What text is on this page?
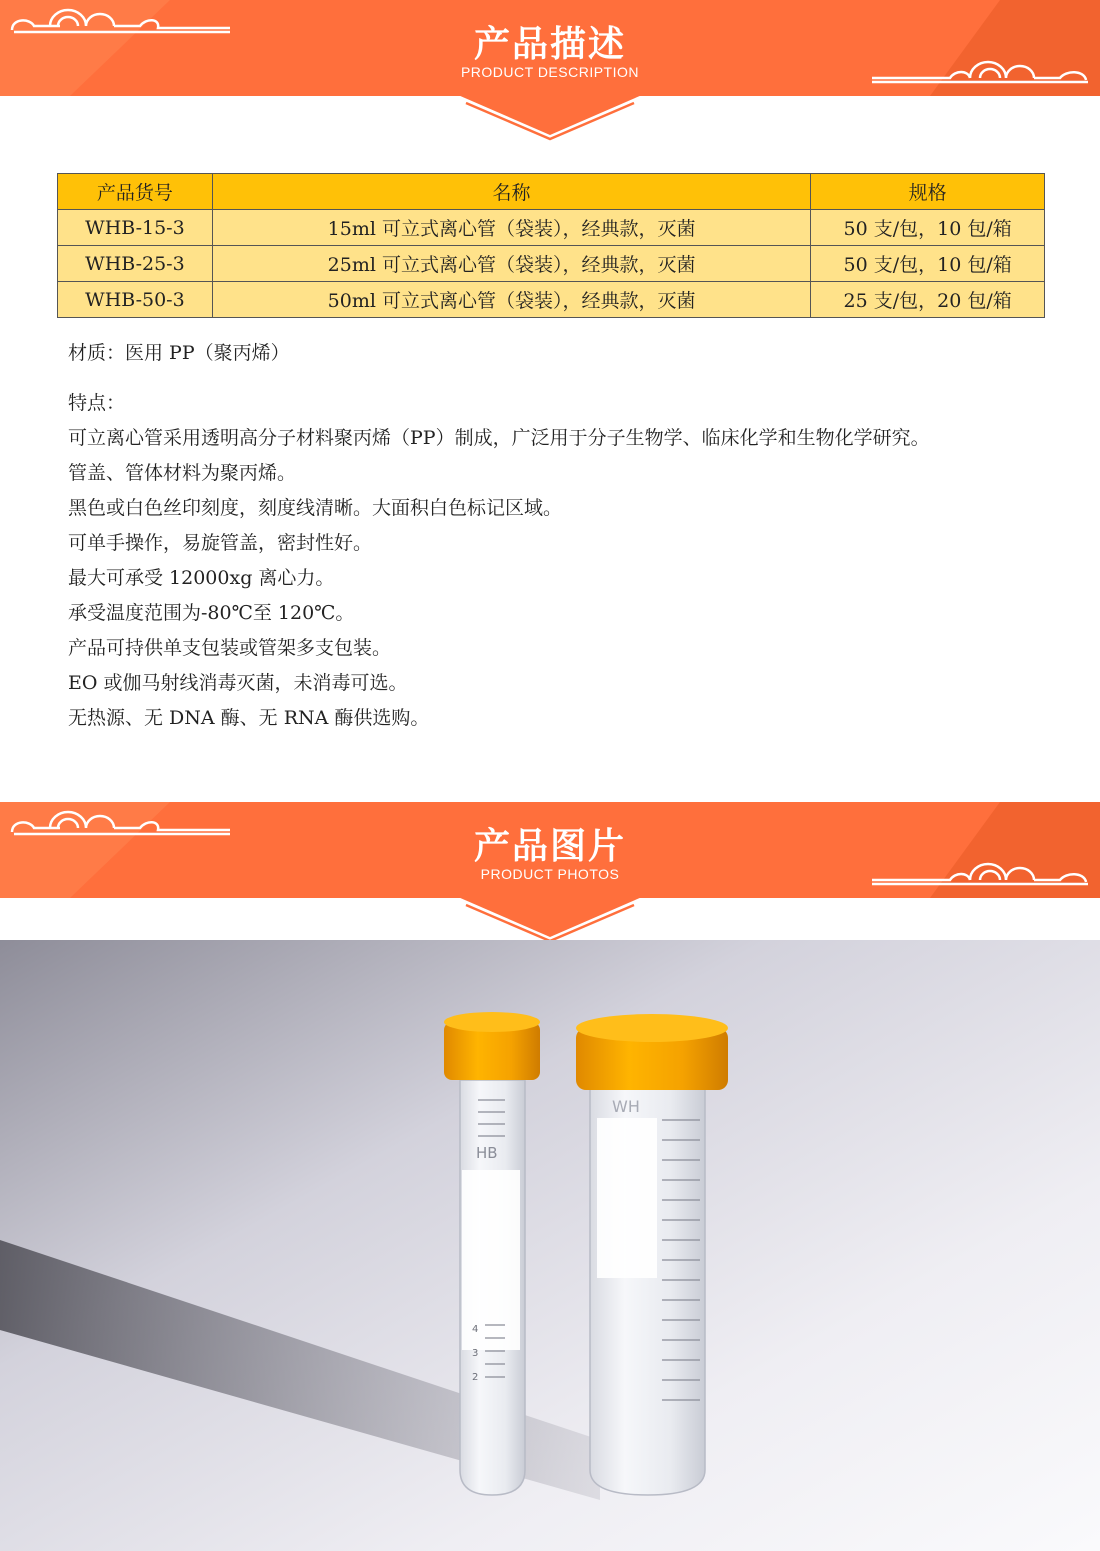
产品描述
PRODUCT DESCRIPTION
产品货号	名称	规格
WHB-15-3	15ml 可立式离心管（袋装），经典款，灭菌	50 支/包，10 包/箱
WHB-25-3	25ml 可立式离心管（袋装），经典款，灭菌	50 支/包，10 包/箱
WHB-50-3	50ml 可立式离心管（袋装），经典款，灭菌	25 支/包，20 包/箱
材质：医用 PP（聚丙烯）
特点：
可立离心管采用透明高分子材料聚丙烯（PP）制成，广泛用于分子生物学、临床化学和生物化学研究。
管盖、管体材料为聚丙烯。
黑色或白色丝印刻度，刻度线清晰。大面积白色标记区域。
可单手操作，易旋管盖，密封性好。
最大可承受 12000xg 离心力。
承受温度范围为-80℃至 120℃。
产品可持供单支包装或管架多支包装。
EO 或伽马射线消毒灭菌，未消毒可选。
无热源、无 DNA 酶、无 RNA 酶供选购。
产品图片
PRODUCT PHOTOS
HB
4
3
2
WH
